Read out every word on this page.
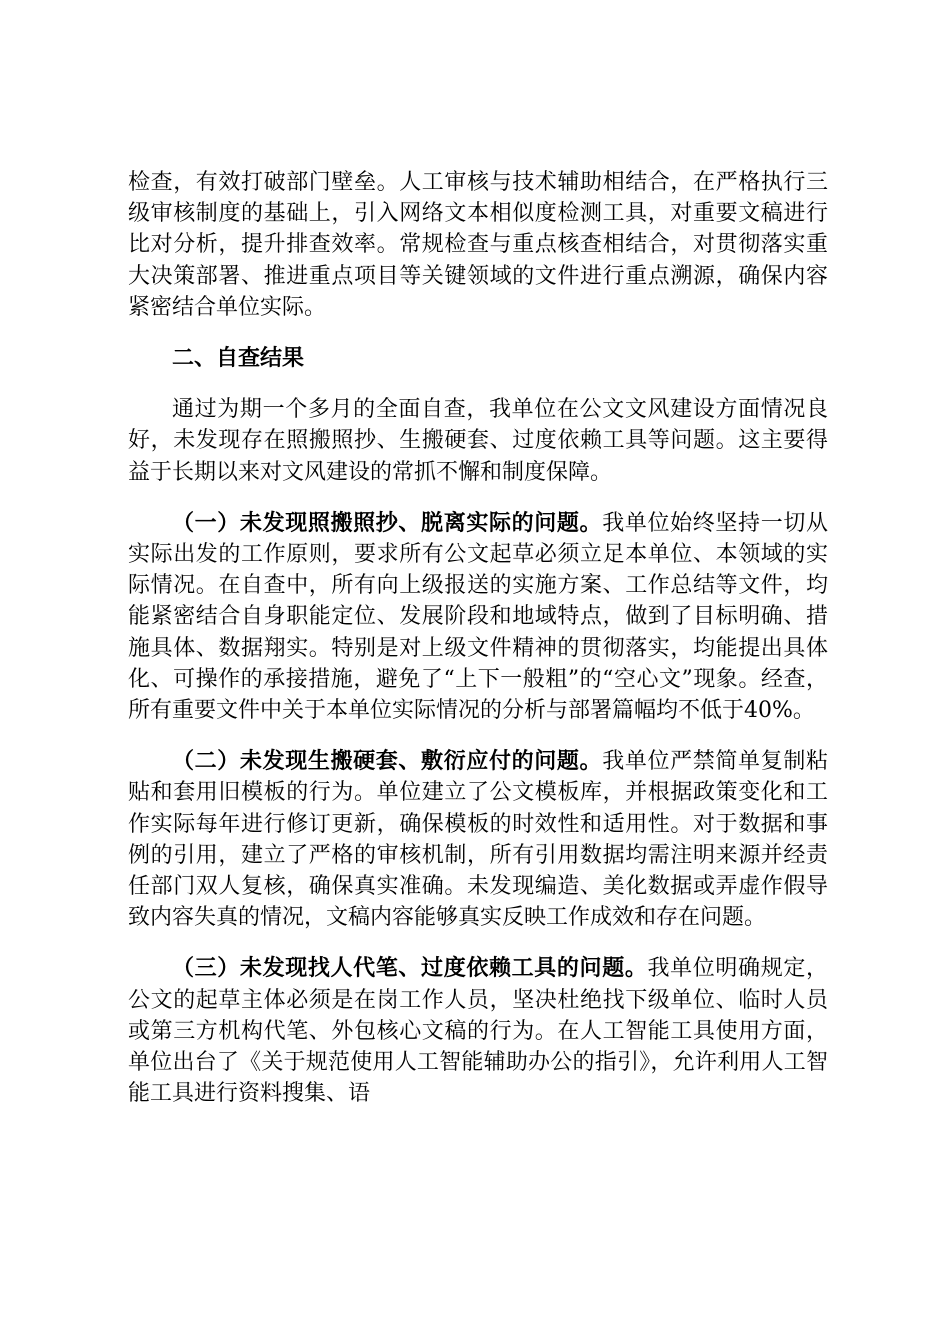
检查，有效打破部门壁垒。人工审核与技术辅助相结合，在严格执行三级审核制度的基础上，引入网络文本相似度检测工具，对重要文稿进行比对分析，提升排查效率。常规检查与重点核查相结合，对贯彻落实重大决策部署、推进重点项目等关键领域的文件进行重点溯源，确保内容紧密结合单位实际。

二、自查结果

通过为期一个多月的全面自查，我单位在公文文风建设方面情况良好，未发现存在照搬照抄、生搬硬套、过度依赖工具等问题。这主要得益于长期以来对文风建设的常抓不懈和制度保障。

（一）未发现照搬照抄、脱离实际的问题。我单位始终坚持一切从实际出发的工作原则，要求所有公文起草必须立足本单位、本领域的实际情况。在自查中，所有向上级报送的实施方案、工作总结等文件，均能紧密结合自身职能定位、发展阶段和地域特点，做到了目标明确、措施具体、数据翔实。特别是对上级文件精神的贯彻落实，均能提出具体化、可操作的承接措施，避免了“上下一般粗”的“空心文”现象。经查，所有重要文件中关于本单位实际情况的分析与部署篇幅均不低于40%。

（二）未发现生搬硬套、敷衍应付的问题。我单位严禁简单复制粘贴和套用旧模板的行为。单位建立了公文模板库，并根据政策变化和工作实际每年进行修订更新，确保模板的时效性和适用性。对于数据和事例的引用，建立了严格的审核机制，所有引用数据均需注明来源并经责任部门双人复核，确保真实准确。未发现编造、美化数据或弄虚作假导致内容失真的情况，文稿内容能够真实反映工作成效和存在问题。

（三）未发现找人代笔、过度依赖工具的问题。我单位明确规定，公文的起草主体必须是在岗工作人员，坚决杜绝找下级单位、临时人员或第三方机构代笔、外包核心文稿的行为。在人工智能工具使用方面，单位出台了《关于规范使用人工智能辅助办公的指引》，允许利用人工智能工具进行资料搜集、语
